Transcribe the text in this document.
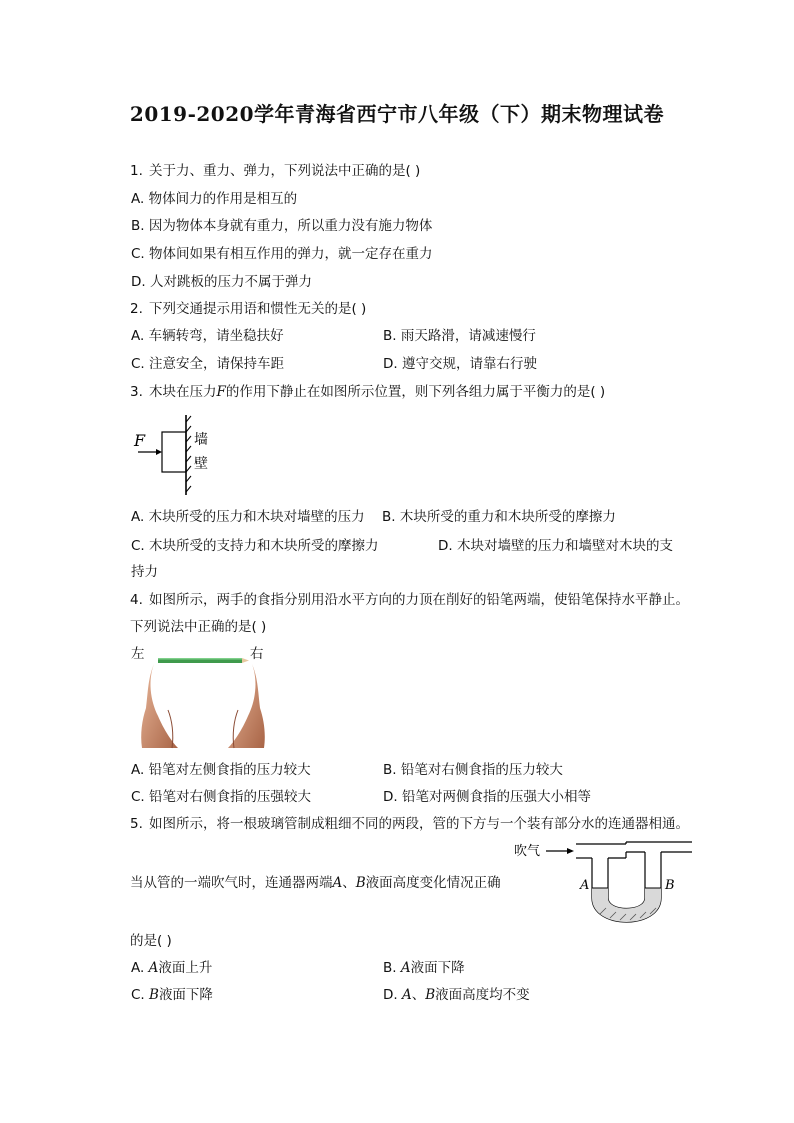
2019-2020学年青海省西宁市八年级（下）期末物理试卷
1. 关于力、重力、弹力，下列说法中正确的是( )
A. 物体间力的作用是相互的
B. 因为物体本身就有重力，所以重力没有施力物体
C. 物体间如果有相互作用的弹力，就一定存在重力
D. 人对跳板的压力不属于弹力
2. 下列交通提示用语和惯性无关的是( )
A. 车辆转弯，请坐稳扶好	B. 雨天路滑，请减速慢行
C. 注意安全，请保持车距	D. 遵守交规，请靠右行驶
3. 木块在压力F的作用下静止在如图所示位置，则下列各组力属于平衡力的是( )
F	墙
壁
A. 木块所受的压力和木块对墙壁的压力 B. 木块所受的重力和木块所受的摩擦力
C. 木块所受的支持力和木块所受的摩擦力	D. 木块对墙壁的压力和墙壁对木块的支
持力
4. 如图所示，两手的食指分别用沿水平方向的力顶在削好的铅笔两端，使铅笔保持水平静止。
下列说法中正确的是( )
左	右
A. 铅笔对左侧食指的压力较大	B. 铅笔对右侧食指的压力较大
C. 铅笔对右侧食指的压强较大	D. 铅笔对两侧食指的压强大小相等
5. 如图所示，将一根玻璃管制成粗细不同的两段，管的下方与一个装有部分水的连通器相通。
当从管的一端吹气时，连通器两端A、B液面高度变化情况正确
吹气
A	B
的是( )
A. A液面上升	B. A液面下降
C. B液面下降	D. A、B液面高度均不变
